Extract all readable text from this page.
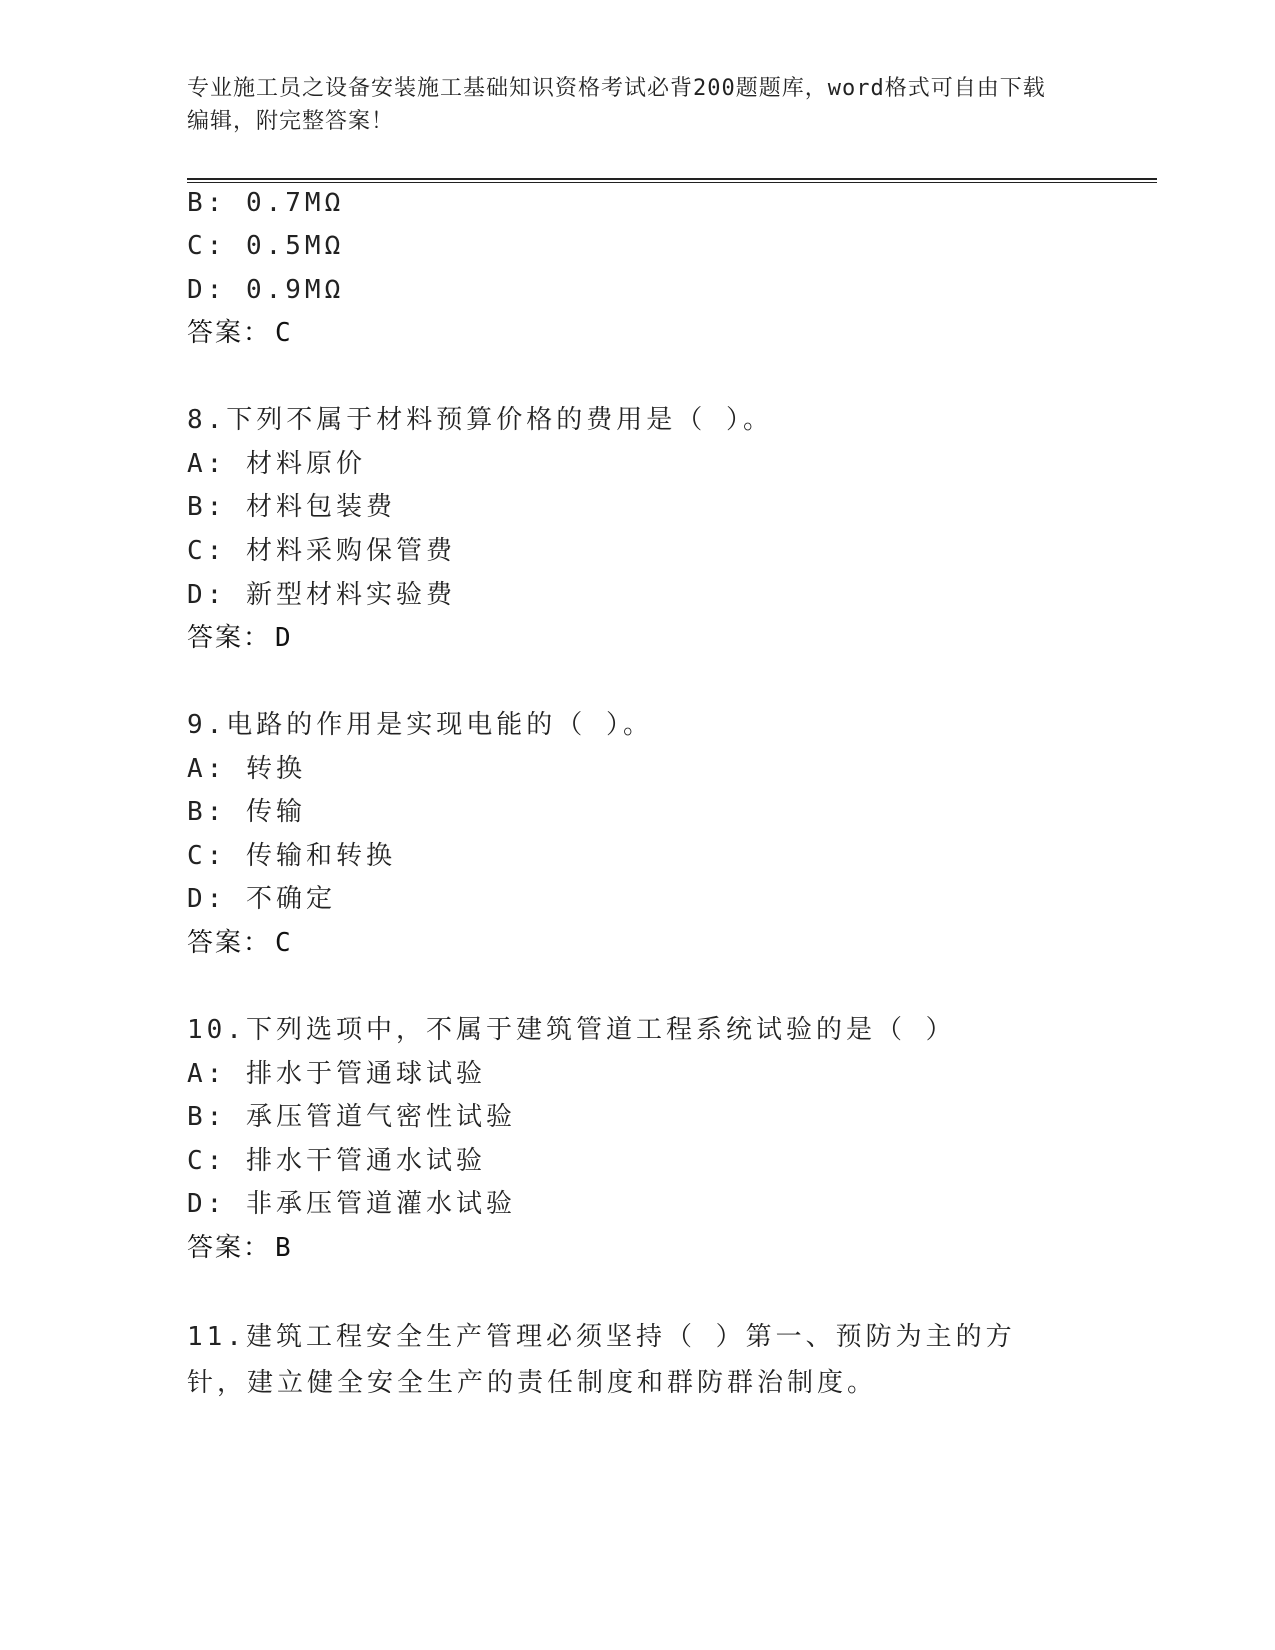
专业施工员之设备安装施工基础知识资格考试必背200题题库，word格式可自由下载编辑，附完整答案！
B: 0.7MΩ
C: 0.5MΩ
D: 0.9MΩ
答案： C
8.下列不属于材料预算价格的费用是（ ）。
A: 材料原价
B: 材料包装费
C: 材料采购保管费
D: 新型材料实验费
答案： D
9.电路的作用是实现电能的（ ）。
A: 转换
B: 传输
C: 传输和转换
D: 不确定
答案： C
10.下列选项中，不属于建筑管道工程系统试验的是（ ）
A: 排水于管通球试验
B: 承压管道气密性试验
C: 排水干管通水试验
D: 非承压管道灌水试验
答案： B
11.建筑工程安全生产管理必须坚持（ ）第一、预防为主的方针，建立健全安全生产的责任制度和群防群治制度。
